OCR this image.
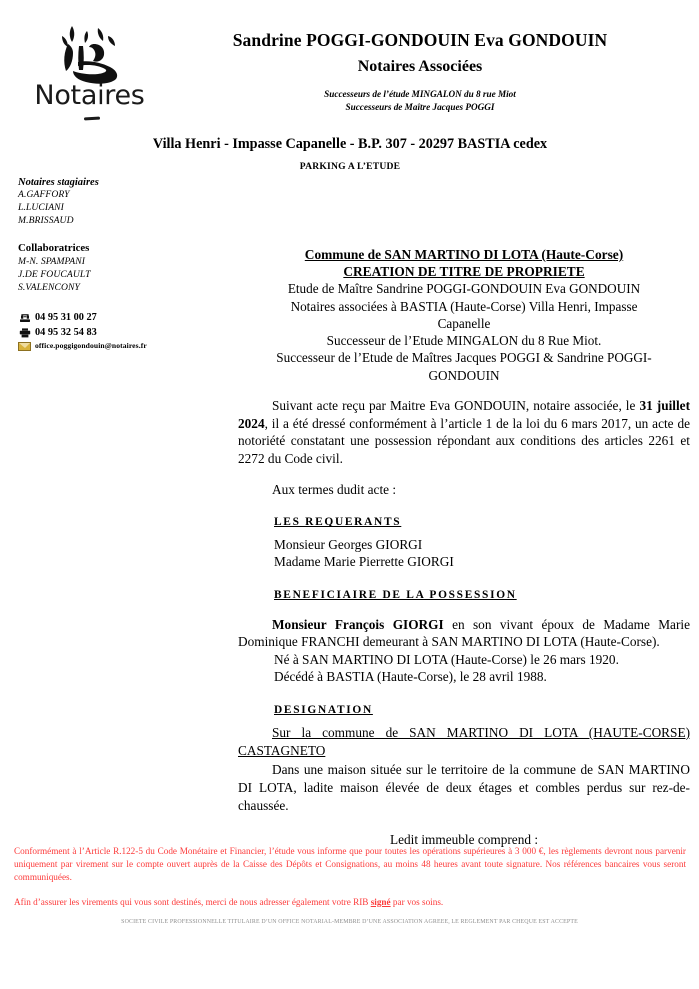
Notaires
Sandrine POGGI-GONDOUIN Eva GONDOUIN
Notaires Associées
Successeurs de l’étude MINGALON du 8 rue Miot
Successeurs de Maître Jacques POGGI
Villa Henri - Impasse Capanelle - B.P. 307 - 20297 BASTIA cedex
PARKING A L’ETUDE
Notaires stagiaires
A.GAFFORY
L.LUCIANI
M.BRISSAUD
Collaboratrices
M-N. SPAMPANI
J.DE FOUCAULT
S.VALENCONY
04 95 31 00 27
04 95 32 54 83
office.poggigondouin@notaires.fr
Commune de SAN MARTINO DI LOTA (Haute-Corse)
CREATION DE TITRE DE PROPRIETE
Etude de Maître Sandrine POGGI-GONDOUIN Eva GONDOUIN
Notaires associées à BASTIA (Haute-Corse) Villa Henri, Impasse
Capanelle
Successeur de l’Etude MINGALON du 8 Rue Miot.
Successeur de l’Etude de Maîtres Jacques POGGI & Sandrine POGGI-
GONDOUIN
Suivant acte reçu par Maitre Eva GONDOUIN, notaire associée, le 31 juillet 2024, il a été dressé conformément à l’article 1 de la loi du 6 mars 2017, un acte de notoriété constatant une possession répondant aux conditions des articles 2261 et 2272 du Code civil.
Aux termes dudit acte :
LES REQUERANTS
Monsieur Georges GIORGI
Madame Marie Pierrette GIORGI
BENEFICIAIRE DE LA POSSESSION
Monsieur François GIORGI en son vivant époux de Madame Marie Dominique FRANCHI demeurant à SAN MARTINO DI LOTA (Haute-Corse).
Né à SAN MARTINO DI LOTA (Haute-Corse) le 26 mars 1920.
Décédé à BASTIA (Haute-Corse), le 28 avril 1988.
DESIGNATION
Sur la commune de SAN MARTINO DI LOTA (HAUTE-CORSE) CASTAGNETO
Dans une maison située sur le territoire de la commune de SAN MARTINO DI LOTA, ladite maison élevée de deux étages et combles perdus sur rez-de-chaussée.
Ledit immeuble comprend :
Conformément à l’Article R.122-5 du Code Monétaire et Financier, l’étude vous informe que pour toutes les opérations supérieures à 3 000 €, les règlements devront nous parvenir uniquement par virement sur le compte ouvert auprès de la Caisse des Dépôts et Consignations, au moins 48 heures avant toute signature. Nos références bancaires vous seront communiquées.
Afin d’assurer les virements qui vous sont destinés, merci de nous adresser également votre RIB signé par vos soins.
SOCIETE CIVILE PROFESSIONNELLE TITULAIRE D’UN OFFICE NOTARIAL-MEMBRE D’UNE ASSOCIATION AGREEE, LE REGLEMENT PAR CHEQUE EST ACCEPTE
